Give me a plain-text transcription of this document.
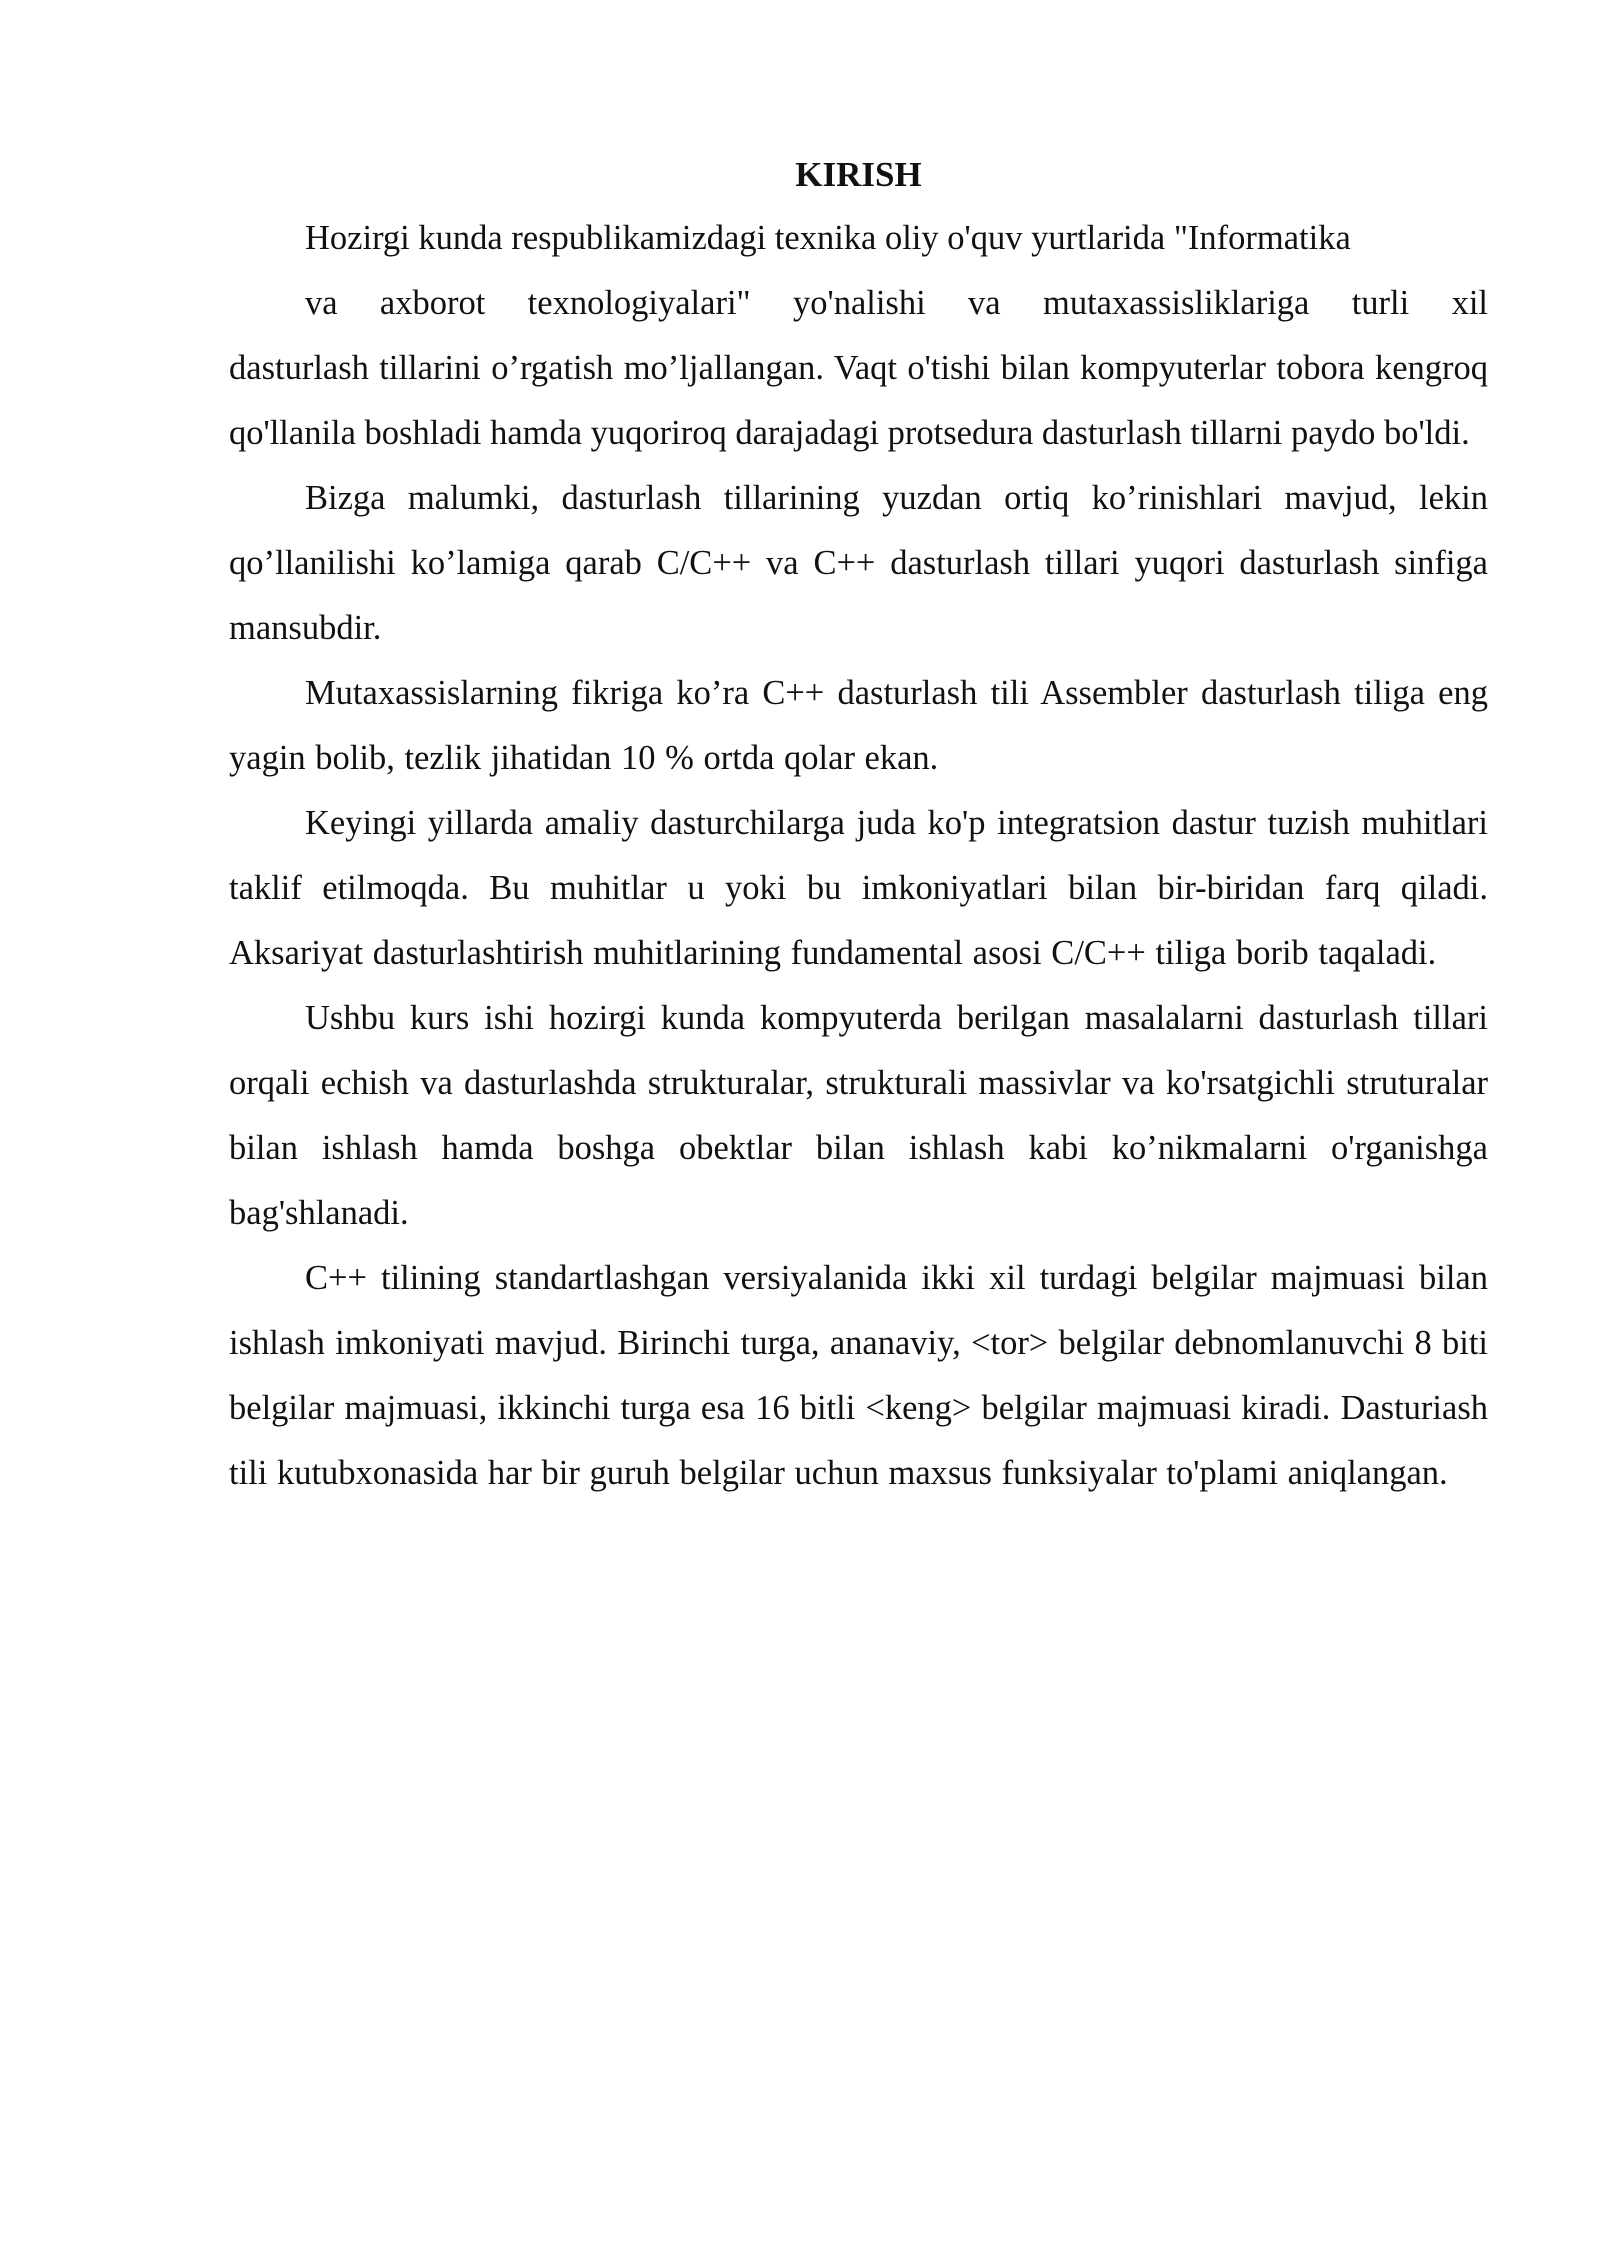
KIRISH
Hozirgi kunda respublikamizdagi texnika oliy o'quv yurtlarida "Informatika
va axborot texnologiyalari" yo'nalishi va mutaxassisliklariga turli xil

dasturlash tillarini o’rgatish mo’ljallangan. Vaqt o'tishi bilan kompyuterlar tobora kengroq qo'llanila boshladi hamda yuqoriroq darajadagi protsedura dasturlash tillarni paydo bo'ldi.

Bizga malumki, dasturlash tillarining yuzdan ortiq ko’rinishlari mavjud, lekin qo’llanilishi ko’lamiga qarab C/C++ va C++ dasturlash tillari yuqori dasturlash sinfiga mansubdir.

Mutaxassislarning fikriga ko’ra C++ dasturlash tili Assembler dasturlash tiliga eng yagin bolib, tezlik jihatidan 10 % ortda qolar ekan.

Keyingi yillarda amaliy dasturchilarga juda ko'p integratsion dastur tuzish muhitlari taklif etilmoqda. Bu muhitlar u yoki bu imkoniyatlari bilan bir-biridan farq qiladi. Aksariyat dasturlashtirish muhitlarining fundamental asosi C/C++ tiliga borib taqaladi.

Ushbu kurs ishi hozirgi kunda kompyuterda berilgan masalalarni dasturlash tillari orqali echish va dasturlashda strukturalar, strukturali massivlar va ko'rsatgichli struturalar bilan ishlash hamda boshga obektlar bilan ishlash kabi ko’nikmalarni o'rganishga bag'shlanadi.

C++ tilining standartlashgan versiyalanida ikki xil turdagi belgilar majmuasi bilan ishlash imkoniyati mavjud. Birinchi turga, ananaviy, <tor> belgilar debnomlanuvchi 8 biti belgilar majmuasi, ikkinchi turga esa 16 bitli <keng> belgilar majmuasi kiradi. Dasturiash tili kutubxonasida har bir guruh belgilar uchun maxsus funksiyalar to'plami aniqlangan.
